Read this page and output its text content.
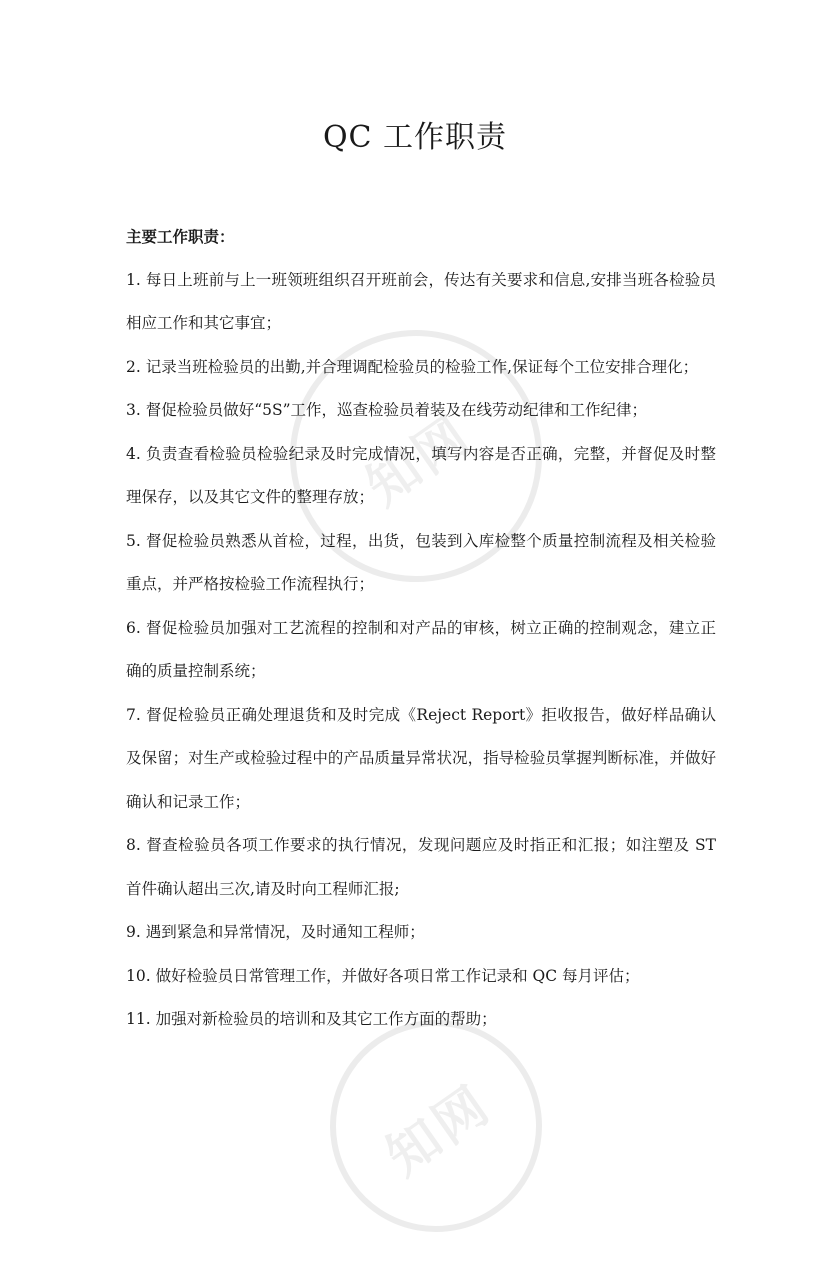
知网
知网
QC 工作职责

主要工作职责：

1. 每日上班前与上一班领班组织召开班前会，传达有关要求和信息,安排当班各检验员相应工作和其它事宜；

2. 记录当班检验员的出勤,并合理调配检验员的检验工作,保证每个工位安排合理化；

3. 督促检验员做好“5S”工作，巡查检验员着装及在线劳动纪律和工作纪律；

4. 负责查看检验员检验纪录及时完成情况，填写内容是否正确，完整，并督促及时整理保存，以及其它文件的整理存放；

5. 督促检验员熟悉从首检，过程，出货，包装到入库检整个质量控制流程及相关检验重点，并严格按检验工作流程执行；

6. 督促检验员加强对工艺流程的控制和对产品的审核，树立正确的控制观念，建立正确的质量控制系统；

7. 督促检验员正确处理退货和及时完成《Reject Report》拒收报告，做好样品确认及保留；对生产或检验过程中的产品质量异常状况，指导检验员掌握判断标准，并做好确认和记录工作；

8. 督查检验员各项工作要求的执行情况，发现问题应及时指正和汇报；如注塑及 ST 首件确认超出三次,请及时向工程师汇报;

9. 遇到紧急和异常情况，及时通知工程师；

10. 做好检验员日常管理工作，并做好各项日常工作记录和 QC 每月评估；

11. 加强对新检验员的培训和及其它工作方面的帮助；
